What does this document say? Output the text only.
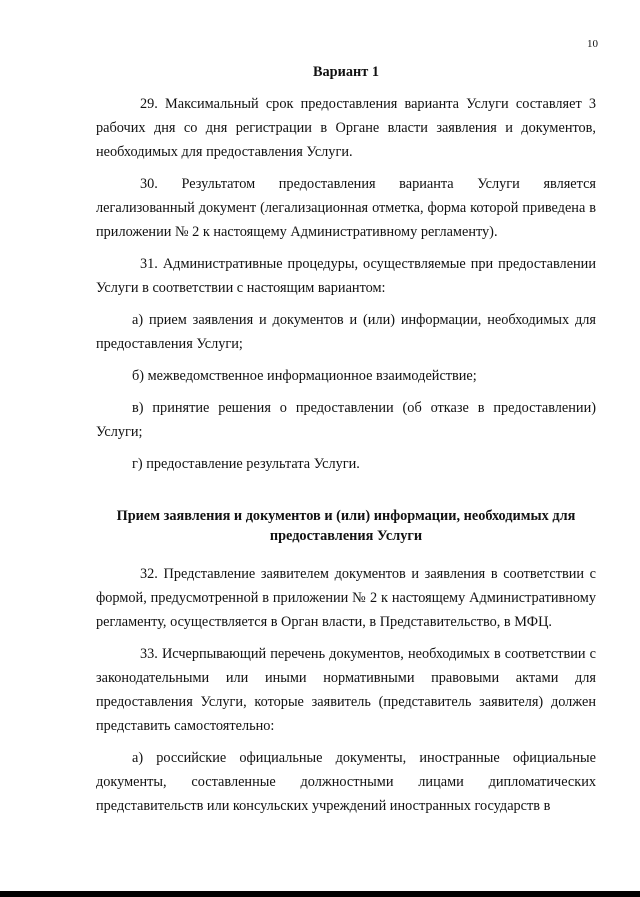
10
Вариант 1

29. Максимальный срок предоставления варианта Услуги составляет 3 рабочих дня со дня регистрации в Органе власти заявления и документов, необходимых для предоставления Услуги.

30. Результатом предоставления варианта Услуги является легализованный документ (легализационная отметка, форма которой приведена в приложении № 2 к настоящему Административному регламенту).

31. Административные процедуры, осуществляемые при предоставлении Услуги в соответствии с настоящим вариантом:

а) прием заявления и документов и (или) информации, необходимых для предоставления Услуги;

б) межведомственное информационное взаимодействие;

в) принятие решения о предоставлении (об отказе в предоставлении) Услуги;

г) предоставление результата Услуги.

Прием заявления и документов и (или) информации, необходимых для предоставления Услуги

32. Представление заявителем документов и заявления в соответствии с формой, предусмотренной в приложении № 2 к настоящему Административному регламенту, осуществляется в Орган власти, в Представительство, в МФЦ.

33. Исчерпывающий перечень документов, необходимых в соответствии с законодательными или иными нормативными правовыми актами для предоставления Услуги, которые заявитель (представитель заявителя) должен представить самостоятельно:

а) российские официальные документы, иностранные официальные документы, составленные должностными лицами дипломатических представительств или консульских учреждений иностранных государств в
